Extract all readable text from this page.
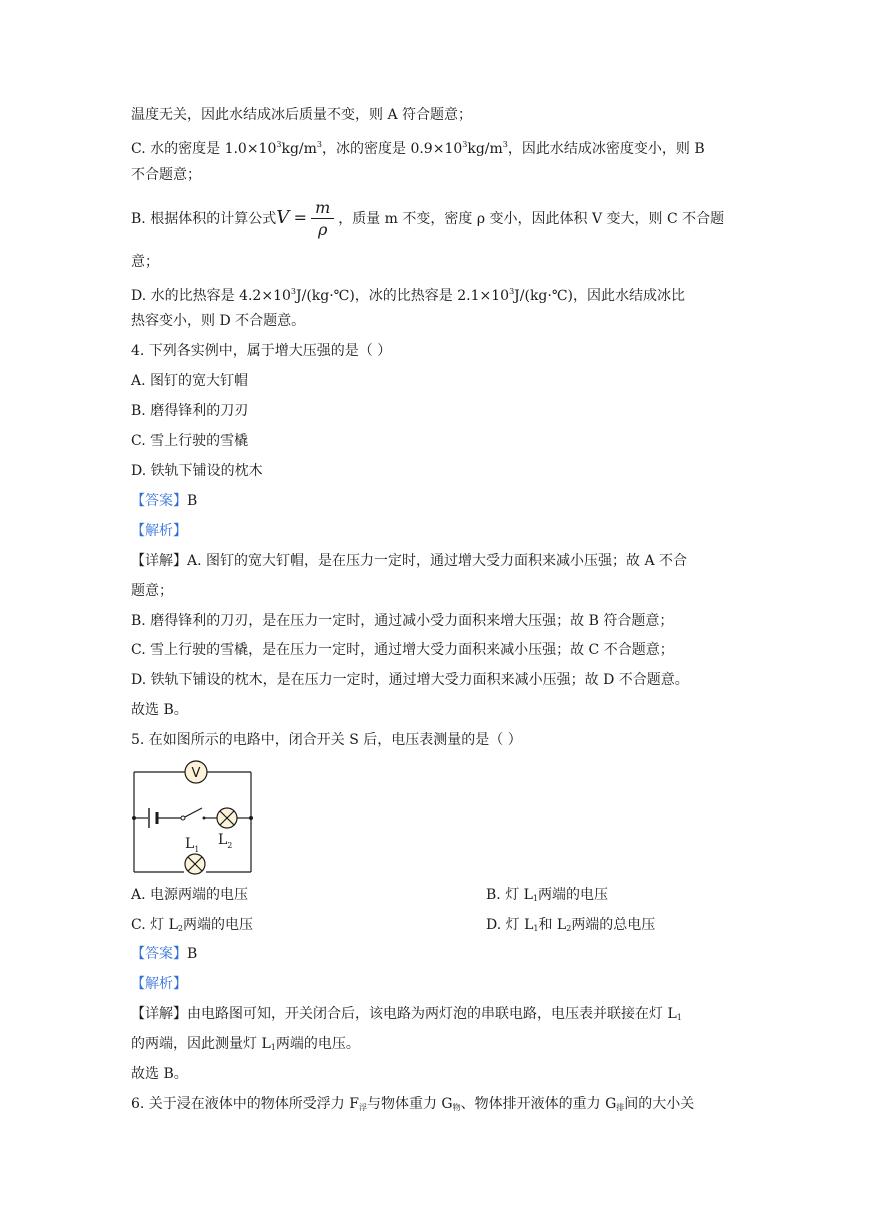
温度无关，因此水结成冰后质量不变，则 A 符合题意；
C. 水的密度是 $1.0\times 10^3kg/m^3$，冰的密度是 $0.9\times 10^3kg/m^3$，因此水结成冰密度变小，则 B
不合题意；
B. 根据体积的计算公式$V = \frac{m}{\rho}$ ，质量 m 不变，密度 ρ 变小，因此体积 V 变大，则 C 不合题
意；
D. 水的比热容是 $4.2\times 10^3J/(kg\cdot℃)$，冰的比热容是 $2.1\times 10^3J/(kg\cdot℃)$，因此水结成冰比
热容变小，则 D 不合题意。
4. 下列各实例中，属于增大压强的是（ ）
A. 图钉的宽大钉帽
B. 磨得锋利的刀刃
C. 雪上行驶的雪橇
D. 铁轨下铺设的枕木
【答案】B
【解析】
【详解】A. 图钉的宽大钉帽，是在压力一定时，通过增大受力面积来减小压强；故 A 不合
题意；
B. 磨得锋利的刀刃，是在压力一定时，通过减小受力面积来增大压强；故 B 符合题意；
C. 雪上行驶的雪橇，是在压力一定时，通过增大受力面积来减小压强；故 C 不合题意；
D. 铁轨下铺设的枕木，是在压力一定时，通过增大受力面积来减小压强；故 D 不合题意。
故选 B。
5. 在如图所示的电路中，闭合开关 S 后，电压表测量的是（ ）
V
$L_1$
$L_2$
A. 电源两端的电压	B. 灯 $L_1$两端的电压
C. 灯 $L_2$两端的电压	D. 灯 $L_1$和 $L_2$两端的总电压
【答案】B
【解析】
【详解】由电路图可知，开关闭合后，该电路为两灯泡的串联电路，电压表并联接在灯 $L_1$
的两端，因此测量灯 $L_1$两端的电压。
故选 B。
6. 关于浸在液体中的物体所受浮力 $F_浮$与物体重力 $G_物$、物体排开液体的重力 $G_排$间的大小关
